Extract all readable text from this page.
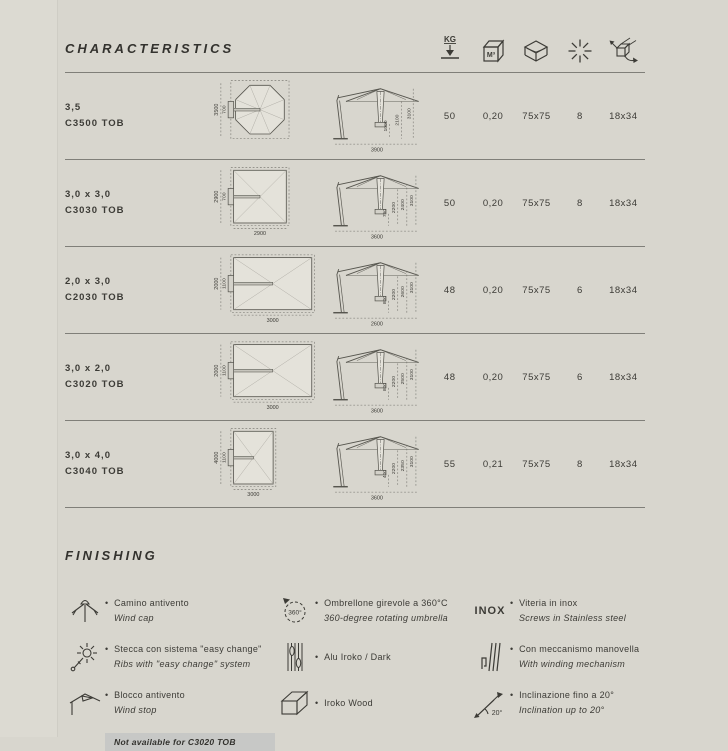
CHARACTERISTICS
KG
M³
3,5
C3500 TOB
3500 700
1000
2100
3100
3900
50	0,20	75x75	8	18x34
3,0 x 3,0
C3030 TOB
2900 700
2900
750 2200 2400 3100
3600
50	0,20	75x75	8	18x34
2,0 x 3,0
C2030 TOB
2000 1100
3000
800 2200 2600 3100
2600
48	0,20	75x75	6	18x34
3,0 x 2,0
C3020 TOB
2000 1100
3000
800 2200 2500 3100
3600
48	0,20	75x75	6	18x34
3,0 x 4,0
C3040 TOB
4000 1100
3000
400 2200 2350 3100
3600
55	0,21	75x75	8	18x34
FINISHING
•  Camino antivento
Wind cap
•  Stecca con sistema "easy change"
Ribs with "easy change" system
•  Blocco antivento
Wind stop
Not available for C3020 TOB
360°
•  Ombrellone girevole a 360°C
360-degree rotating umbrella
•  Alu Iroko / Dark
•  Iroko Wood
INOX
•  Viteria in inox
Screws in Stainless steel
•  Con meccanismo manovella
With winding mechanism
20°
•  Inclinazione fino a 20°
Inclination up to 20°
